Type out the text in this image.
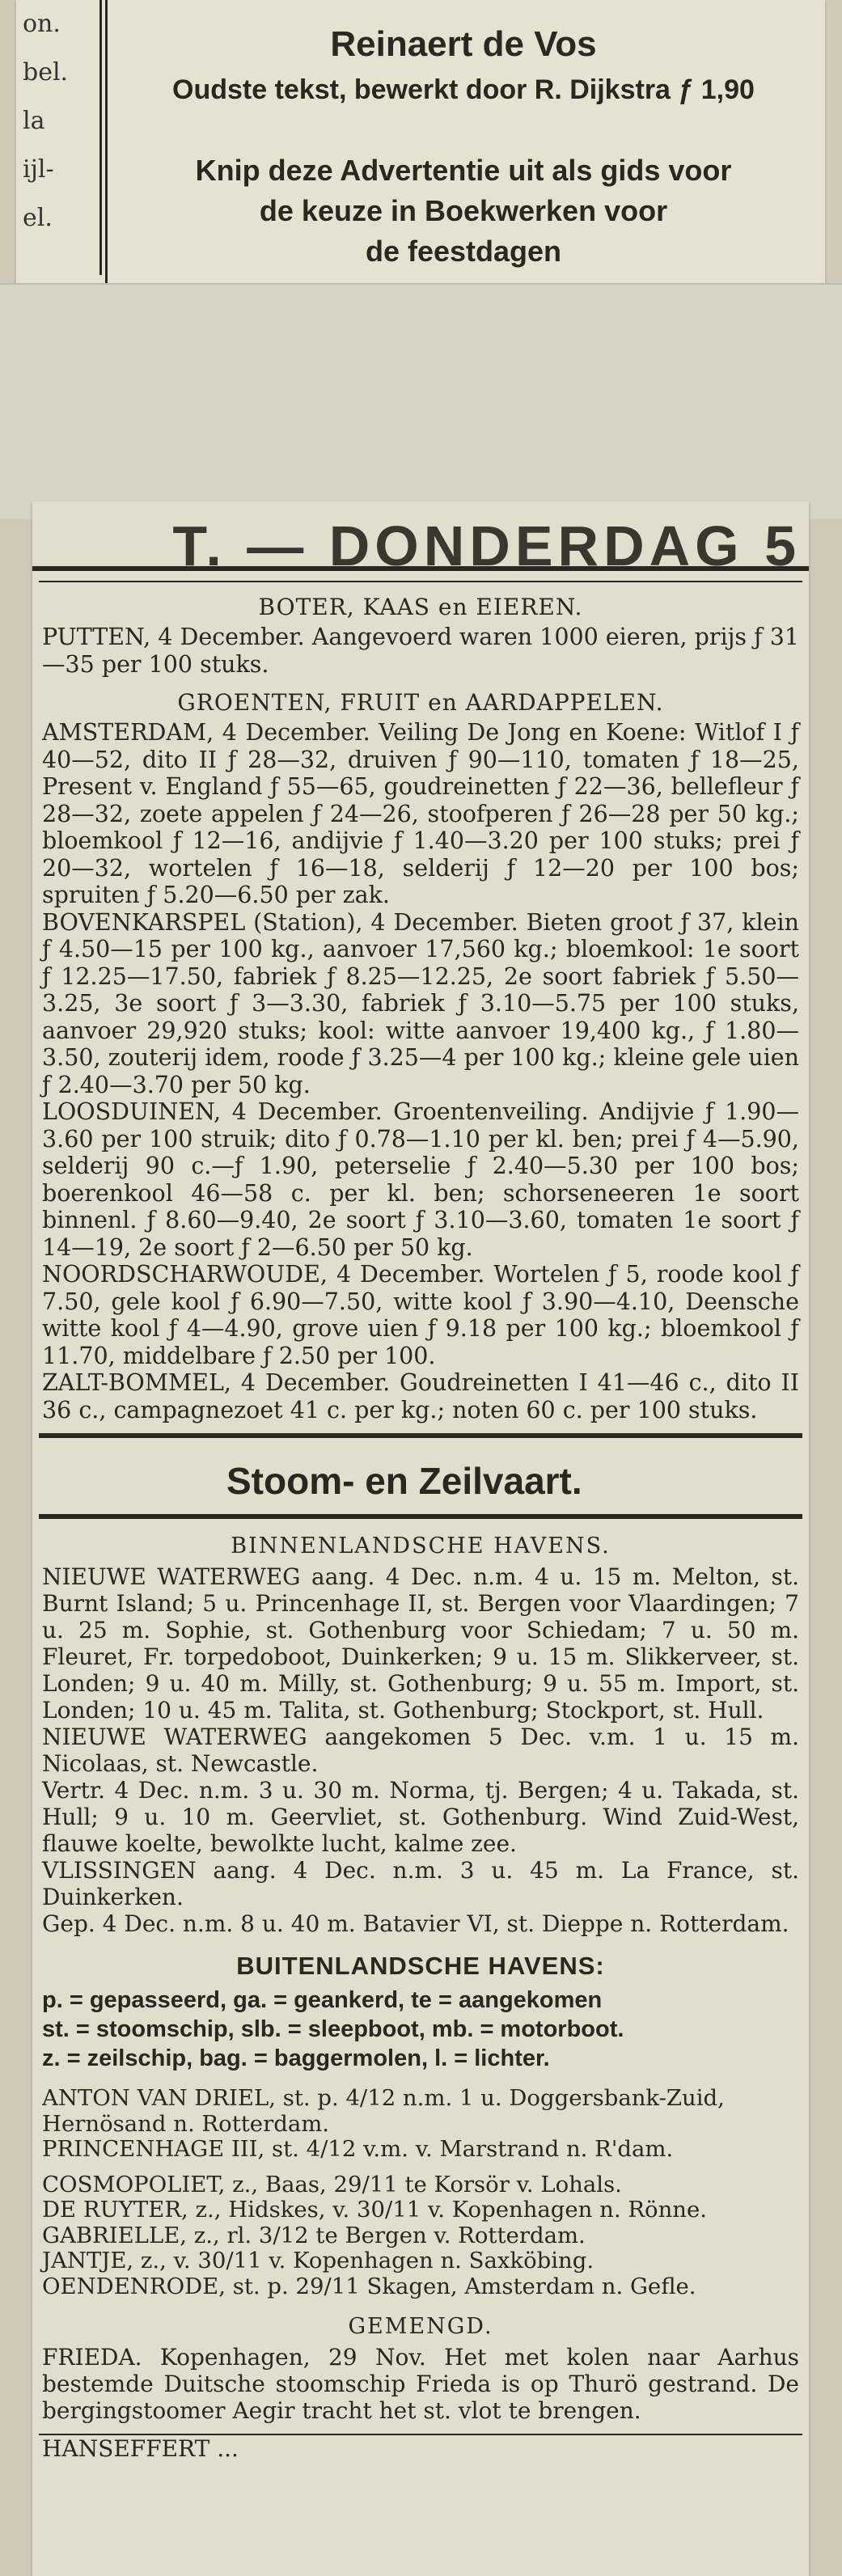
on.
bel.
la
ijl-
el.
Reinaert de Vos
Oudste tekst, bewerkt door R. Dijkstra ƒ 1,90
Knip deze Advertentie uit als gids voor
de keuze in Boekwerken voor
de feestdagen
T. — DONDERDAG 5
BOTER, KAAS en EIEREN.

PUTTEN, 4 December. Aangevoerd waren 1000 eieren, prijs ƒ 31—35 per 100 stuks.

GROENTEN, FRUIT en AARDAPPELEN.

AMSTERDAM, 4 December. Veiling De Jong en Koene: Witlof I ƒ 40—52, dito II ƒ 28—32, druiven ƒ 90—110, tomaten ƒ 18—25, Present v. England ƒ 55—65, goudreinetten ƒ 22—36, bellefleur ƒ 28—32, zoete appelen ƒ 24—26, stoofperen ƒ 26—28 per 50 kg.; bloemkool ƒ 12—16, andijvie ƒ 1.40—3.20 per 100 stuks; prei ƒ 20—32, wortelen ƒ 16—18, selderij ƒ 12—20 per 100 bos; spruiten ƒ 5.20—6.50 per zak.

BOVENKARSPEL (Station), 4 December. Bieten groot ƒ 37, klein ƒ 4.50—15 per 100 kg., aanvoer 17,560 kg.; bloemkool: 1e soort ƒ 12.25—17.50, fabriek ƒ 8.25—12.25, 2e soort fabriek ƒ 5.50—3.25, 3e soort ƒ 3—3.30, fabriek ƒ 3.10—5.75 per 100 stuks, aanvoer 29,920 stuks; kool: witte aanvoer 19,400 kg., ƒ 1.80—3.50, zouterij idem, roode ƒ 3.25—4 per 100 kg.; kleine gele uien ƒ 2.40—3.70 per 50 kg.

LOOSDUINEN, 4 December. Groentenveiling. Andijvie ƒ 1.90—3.60 per 100 struik; dito ƒ 0.78—1.10 per kl. ben; prei ƒ 4—5.90, selderij 90 c.—ƒ 1.90, peterselie ƒ 2.40—5.30 per 100 bos; boerenkool 46—58 c. per kl. ben; schorseneeren 1e soort binnenl. ƒ 8.60—9.40, 2e soort ƒ 3.10—3.60, tomaten 1e soort ƒ 14—19, 2e soort ƒ 2—6.50 per 50 kg.

NOORDSCHARWOUDE, 4 December. Wortelen ƒ 5, roode kool ƒ 7.50, gele kool ƒ 6.90—7.50, witte kool ƒ 3.90—4.10, Deensche witte kool ƒ 4—4.90, grove uien ƒ 9.18 per 100 kg.; bloemkool ƒ 11.70, middelbare ƒ 2.50 per 100.

ZALT-BOMMEL, 4 December. Goudreinetten I 41—46 c., dito II 36 c., campagnezoet 41 c. per kg.; noten 60 c. per 100 stuks.

Stoom- en Zeilvaart.
BINNENLANDSCHE HAVENS.

NIEUWE WATERWEG aang. 4 Dec. n.m. 4 u. 15 m. Melton, st. Burnt Island; 5 u. Princenhage II, st. Bergen voor Vlaardingen; 7 u. 25 m. Sophie, st. Gothenburg voor Schiedam; 7 u. 50 m. Fleuret, Fr. torpedoboot, Duinkerken; 9 u. 15 m. Slikkerveer, st. Londen; 9 u. 40 m. Milly, st. Gothenburg; 9 u. 55 m. Import, st. Londen; 10 u. 45 m. Talita, st. Gothenburg; Stockport, st. Hull.

NIEUWE WATERWEG aangekomen 5 Dec. v.m. 1 u. 15 m. Nicolaas, st. Newcastle.

Vertr. 4 Dec. n.m. 3 u. 30 m. Norma, tj. Bergen; 4 u. Takada, st. Hull; 9 u. 10 m. Geervliet, st. Gothenburg. Wind Zuid-West, flauwe koelte, bewolkte lucht, kalme zee.

VLISSINGEN aang. 4 Dec. n.m. 3 u. 45 m. La France, st. Duinkerken.

Gep. 4 Dec. n.m. 8 u. 40 m. Batavier VI, st. Dieppe n. Rotterdam.

BUITENLANDSCHE HAVENS:
p. = gepasseerd, ga. = geankerd, te = aangekomen
st. = stoomschip, slb. = sleepboot, mb. = motorboot.
z. = zeilschip, bag. = baggermolen, l. = lichter.

ANTON VAN DRIEL, st. p. 4/12 n.m. 1 u. Doggersbank-Zuid, Hernösand n. Rotterdam.

PRINCENHAGE III, st. 4/12 v.m. v. Marstrand n. R'dam.

COSMOPOLIET, z., Baas, 29/11 te Korsör v. Lohals.

DE RUYTER, z., Hidskes, v. 30/11 v. Kopenhagen n. Rönne.

GABRIELLE, z., rl. 3/12 te Bergen v. Rotterdam.

JANTJE, z., v. 30/11 v. Kopenhagen n. Saxköbing.

OENDENRODE, st. p. 29/11 Skagen, Amsterdam n. Gefle.

GEMENGD.

FRIEDA. Kopenhagen, 29 Nov. Het met kolen naar Aarhus bestemde Duitsche stoomschip Frieda is op Thurö gestrand. De bergingstoomer Aegir tracht het st. vlot te brengen.

HANSEFFERT ...
